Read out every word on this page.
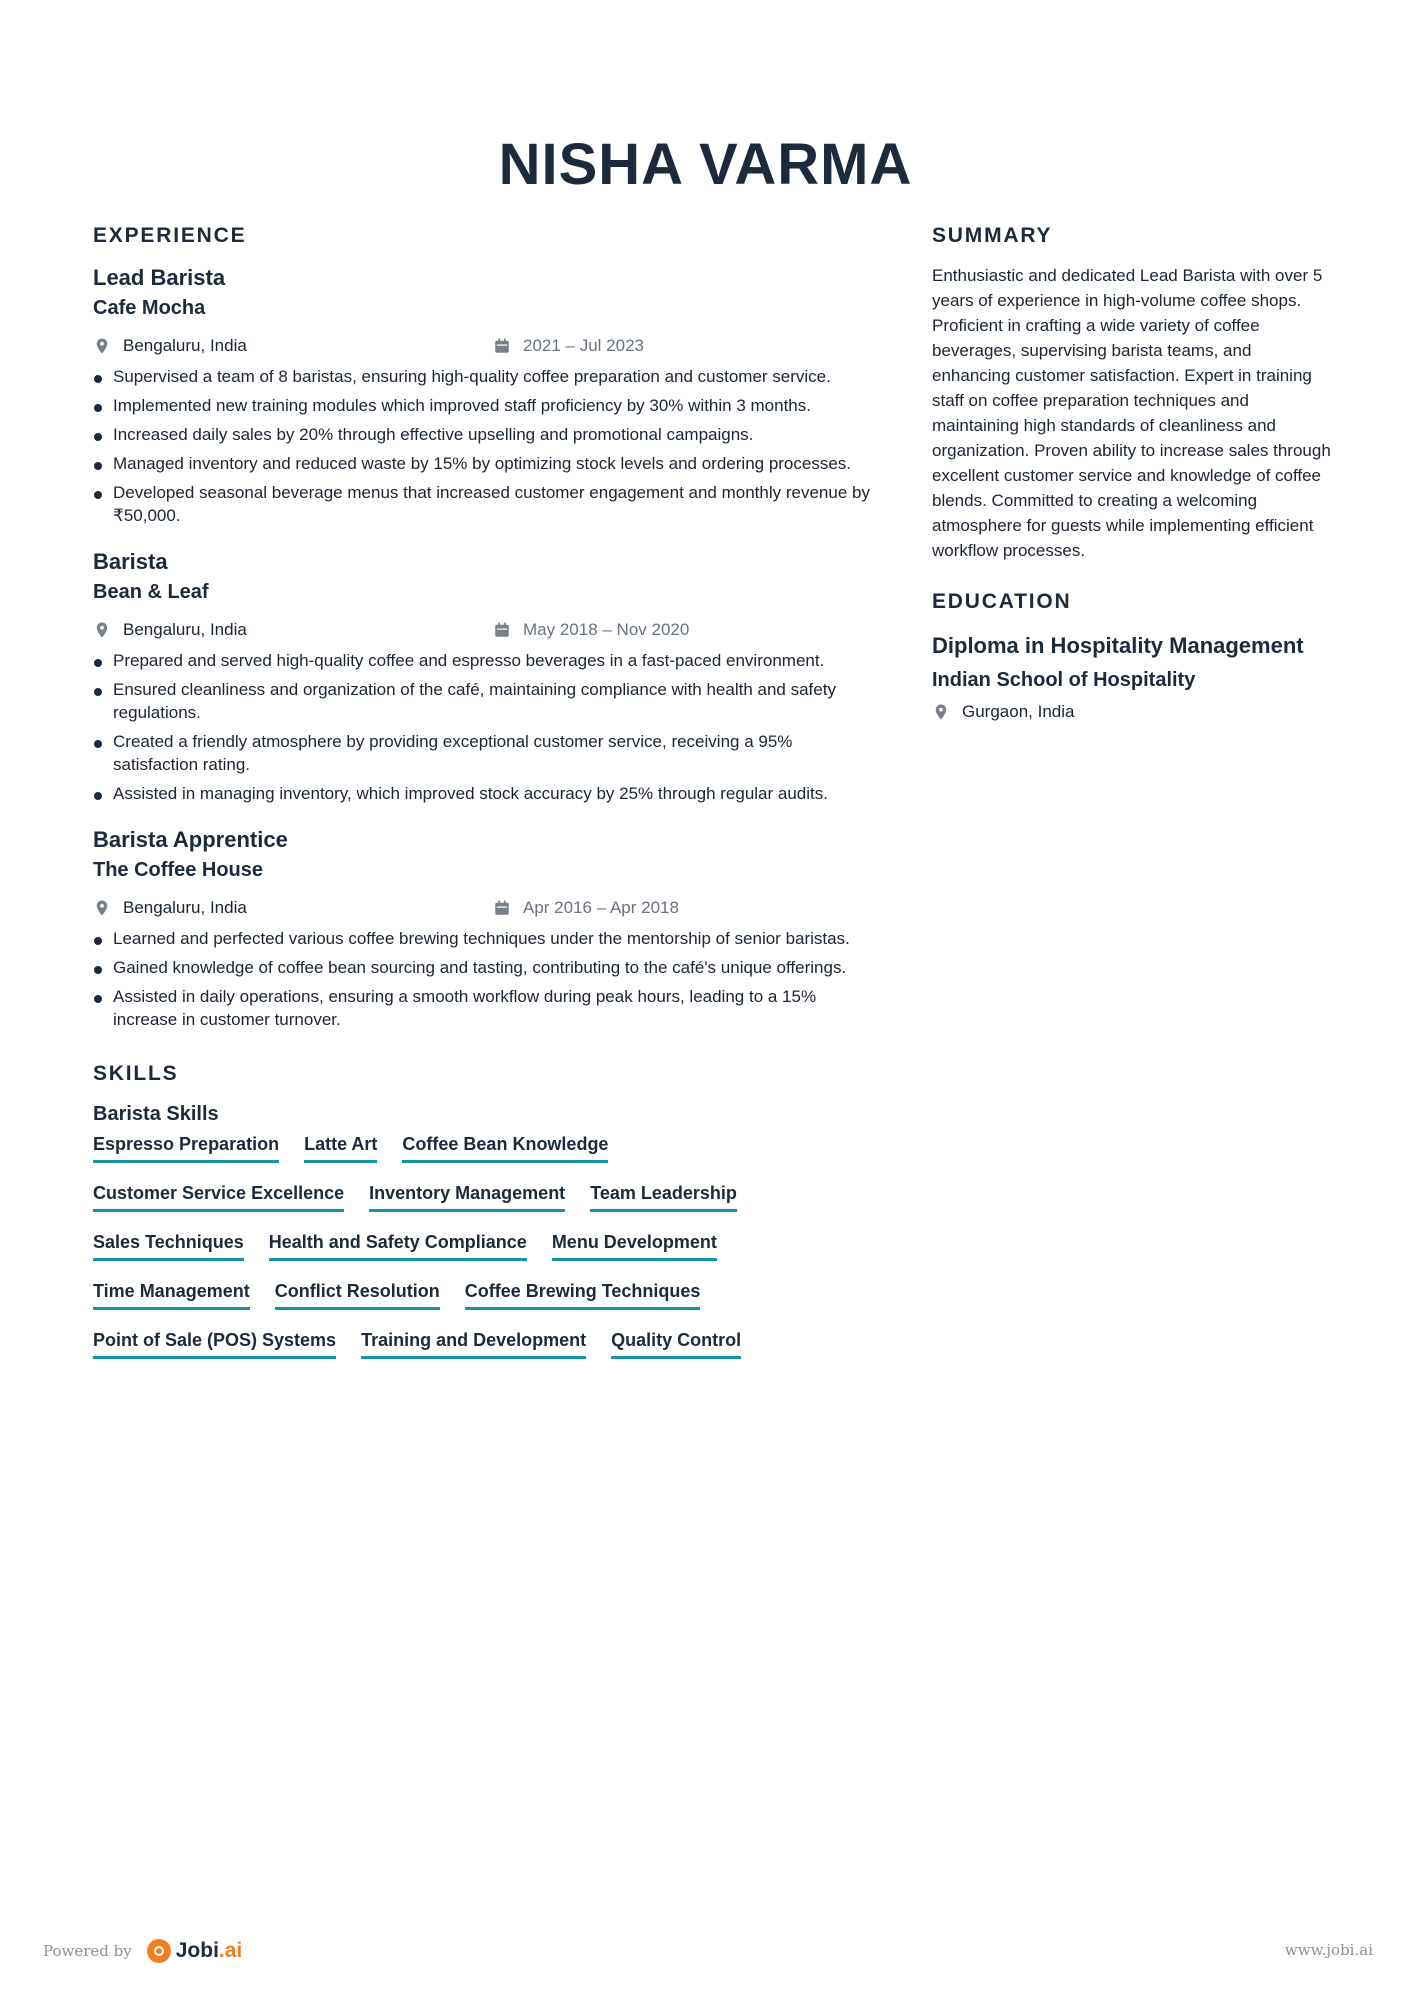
NISHA VARMA
EXPERIENCE
Lead Barista
Cafe Mocha
Bengaluru, India	2021 – Jul 2023
Supervised a team of 8 baristas, ensuring high-quality coffee preparation and customer service.
Implemented new training modules which improved staff proficiency by 30% within 3 months.
Increased daily sales by 20% through effective upselling and promotional campaigns.
Managed inventory and reduced waste by 15% by optimizing stock levels and ordering processes.
Developed seasonal beverage menus that increased customer engagement and monthly revenue by ₹50,000.
Barista
Bean & Leaf
Bengaluru, India	May 2018 – Nov 2020
Prepared and served high-quality coffee and espresso beverages in a fast-paced environment.
Ensured cleanliness and organization of the café, maintaining compliance with health and safety regulations.
Created a friendly atmosphere by providing exceptional customer service, receiving a 95% satisfaction rating.
Assisted in managing inventory, which improved stock accuracy by 25% through regular audits.
Barista Apprentice
The Coffee House
Bengaluru, India	Apr 2016 – Apr 2018
Learned and perfected various coffee brewing techniques under the mentorship of senior baristas.
Gained knowledge of coffee bean sourcing and tasting, contributing to the café's unique offerings.
Assisted in daily operations, ensuring a smooth workflow during peak hours, leading to a 15% increase in customer turnover.
SKILLS
Barista Skills
Espresso Preparation Latte Art Coffee Bean Knowledge
Customer Service Excellence Inventory Management Team Leadership
Sales Techniques Health and Safety Compliance Menu Development
Time Management Conflict Resolution Coffee Brewing Techniques
Point of Sale (POS) Systems Training and Development Quality Control
SUMMARY

Enthusiastic and dedicated Lead Barista with over 5 years of experience in high-volume coffee shops. Proficient in crafting a wide variety of coffee beverages, supervising barista teams, and enhancing customer satisfaction. Expert in training staff on coffee preparation techniques and maintaining high standards of cleanliness and organization. Proven ability to increase sales through excellent customer service and knowledge of coffee blends. Committed to creating a welcoming atmosphere for guests while implementing efficient workflow processes.

EDUCATION
Diploma in Hospitality Management
Indian School of Hospitality
Gurgaon, India
Powered by Jobi.ai	www.jobi.ai
